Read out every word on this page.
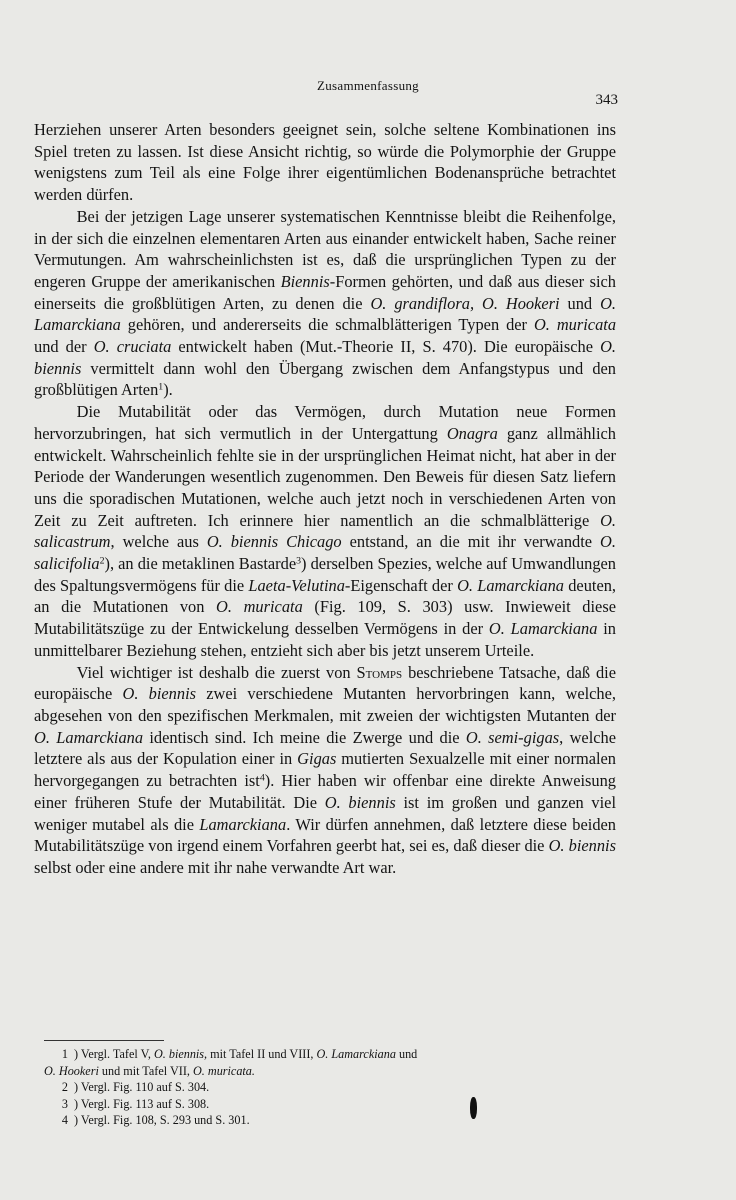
Zusammenfassung
343

Herziehen unserer Arten besonders geeignet sein, solche seltene Kombinationen ins Spiel treten zu lassen. Ist diese Ansicht richtig, so würde die Polymorphie der Gruppe wenigstens zum Teil als eine Folge ihrer eigentümlichen Bodenansprüche betrachtet werden dürfen.

Bei der jetzigen Lage unserer systematischen Kenntnisse bleibt die Reihenfolge, in der sich die einzelnen elementaren Arten aus einander entwickelt haben, Sache reiner Vermutungen. Am wahrscheinlichsten ist es, daß die ursprünglichen Typen zu der engeren Gruppe der amerikanischen Biennis-Formen gehörten, und daß aus dieser sich einerseits die großblütigen Arten, zu denen die O. grandiflora, O. Hookeri und O. Lamarckiana gehören, und andererseits die schmalblätterigen Typen der O. muricata und der O. cruciata entwickelt haben (Mut.-Theorie II, S. 470). Die europäische O. biennis vermittelt dann wohl den Übergang zwischen dem Anfangstypus und den großblütigen Arten$^1$).

Die Mutabilität oder das Vermögen, durch Mutation neue Formen hervorzubringen, hat sich vermutlich in der Untergattung Onagra ganz allmählich entwickelt. Wahrscheinlich fehlte sie in der ursprünglichen Heimat nicht, hat aber in der Periode der Wanderungen wesentlich zugenommen. Den Beweis für diesen Satz liefern uns die sporadischen Mutationen, welche auch jetzt noch in verschiedenen Arten von Zeit zu Zeit auftreten. Ich erinnere hier namentlich an die schmalblätterige O. salicastrum, welche aus O. biennis Chicago entstand, an die mit ihr verwandte O. salicifolia$^2$), an die metaklinen Bastarde$^3$) derselben Spezies, welche auf Umwandlungen des Spaltungsvermögens für die Laeta-Velutina-Eigenschaft der O. Lamarckiana deuten, an die Mutationen von O. muricata (Fig. 109, S. 303) usw. Inwieweit diese Mutabilitätszüge zu der Entwickelung desselben Vermögens in der O. Lamarckiana in unmittelbarer Beziehung stehen, entzieht sich aber bis jetzt unserem Urteile.

Viel wichtiger ist deshalb die zuerst von Stomps beschriebene Tatsache, daß die europäische O. biennis zwei verschiedene Mutanten hervorbringen kann, welche, abgesehen von den spezifischen Merkmalen, mit zweien der wichtigsten Mutanten der O. Lamarckiana identisch sind. Ich meine die Zwerge und die O. semi-gigas, welche letztere als aus der Kopulation einer in Gigas mutierten Sexualzelle mit einer normalen hervorgegangen zu betrachten ist$^4$). Hier haben wir offenbar eine direkte Anweisung einer früheren Stufe der Mutabilität. Die O. biennis ist im großen und ganzen viel weniger mutabel als die Lamarckiana. Wir dürfen annehmen, daß letztere diese beiden Mutabilitätszüge von irgend einem Vorfahren geerbt hat, sei es, daß dieser die O. biennis selbst oder eine andere mit ihr nahe verwandte Art war.

1 ) Vergl. Tafel V, O. biennis, mit Tafel II und VIII, O. Lamarckiana und

O. Hookeri und mit Tafel VII, O. muricata.

2 ) Vergl. Fig. 110 auf S. 304.

3 ) Vergl. Fig. 113 auf S. 308.

4 ) Vergl. Fig. 108, S. 293 und S. 301.
